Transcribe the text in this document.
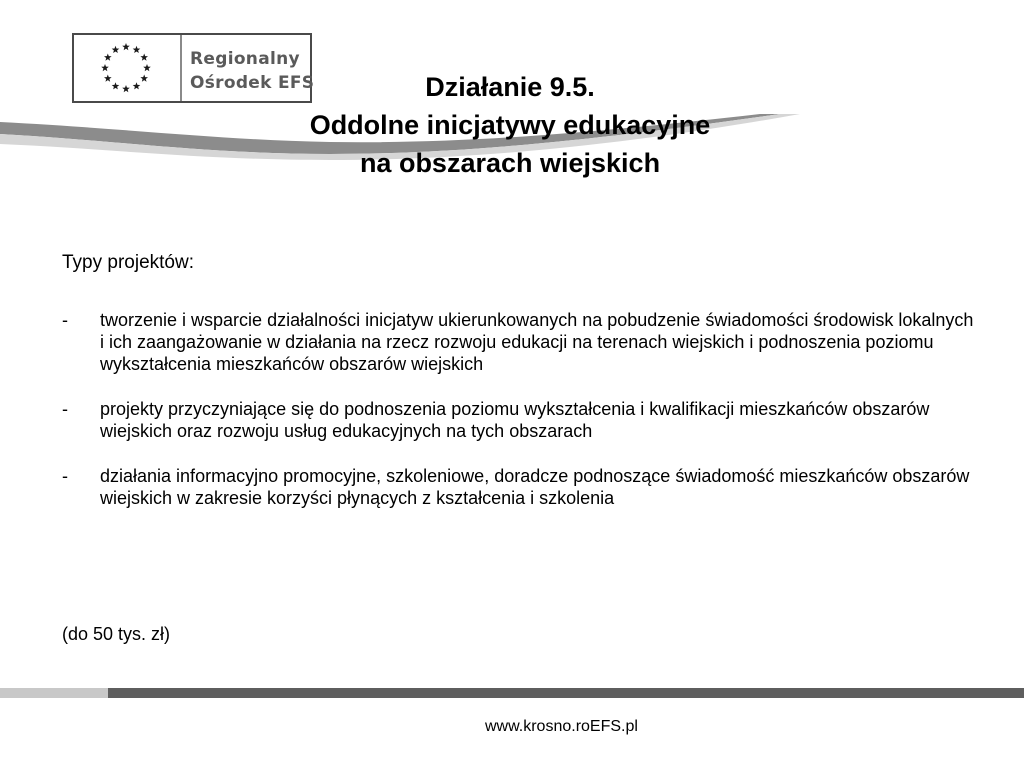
Regionalny
Ośrodek EFS	Działanie 9.5.
Oddolne inicjatywy edukacyjne
na obszarach wiejskich
Typy projektów:
- tworzenie i wsparcie działalności inicjatyw ukierunkowanych na pobudzenie świadomości środowisk lokalnych i ich zaangażowanie w działania na rzecz rozwoju edukacji na terenach wiejskich i podnoszenia poziomu wykształcenia mieszkańców obszarów wiejskich
- projekty przyczyniające się do podnoszenia poziomu wykształcenia i kwalifikacji mieszkańców obszarów wiejskich oraz rozwoju usług edukacyjnych na tych obszarach
- działania informacyjno promocyjne, szkoleniowe, doradcze podnoszące świadomość mieszkańców obszarów wiejskich w zakresie korzyści płynących z kształcenia i szkolenia
(do 50 tys. zł)
www.krosno.roEFS.pl
